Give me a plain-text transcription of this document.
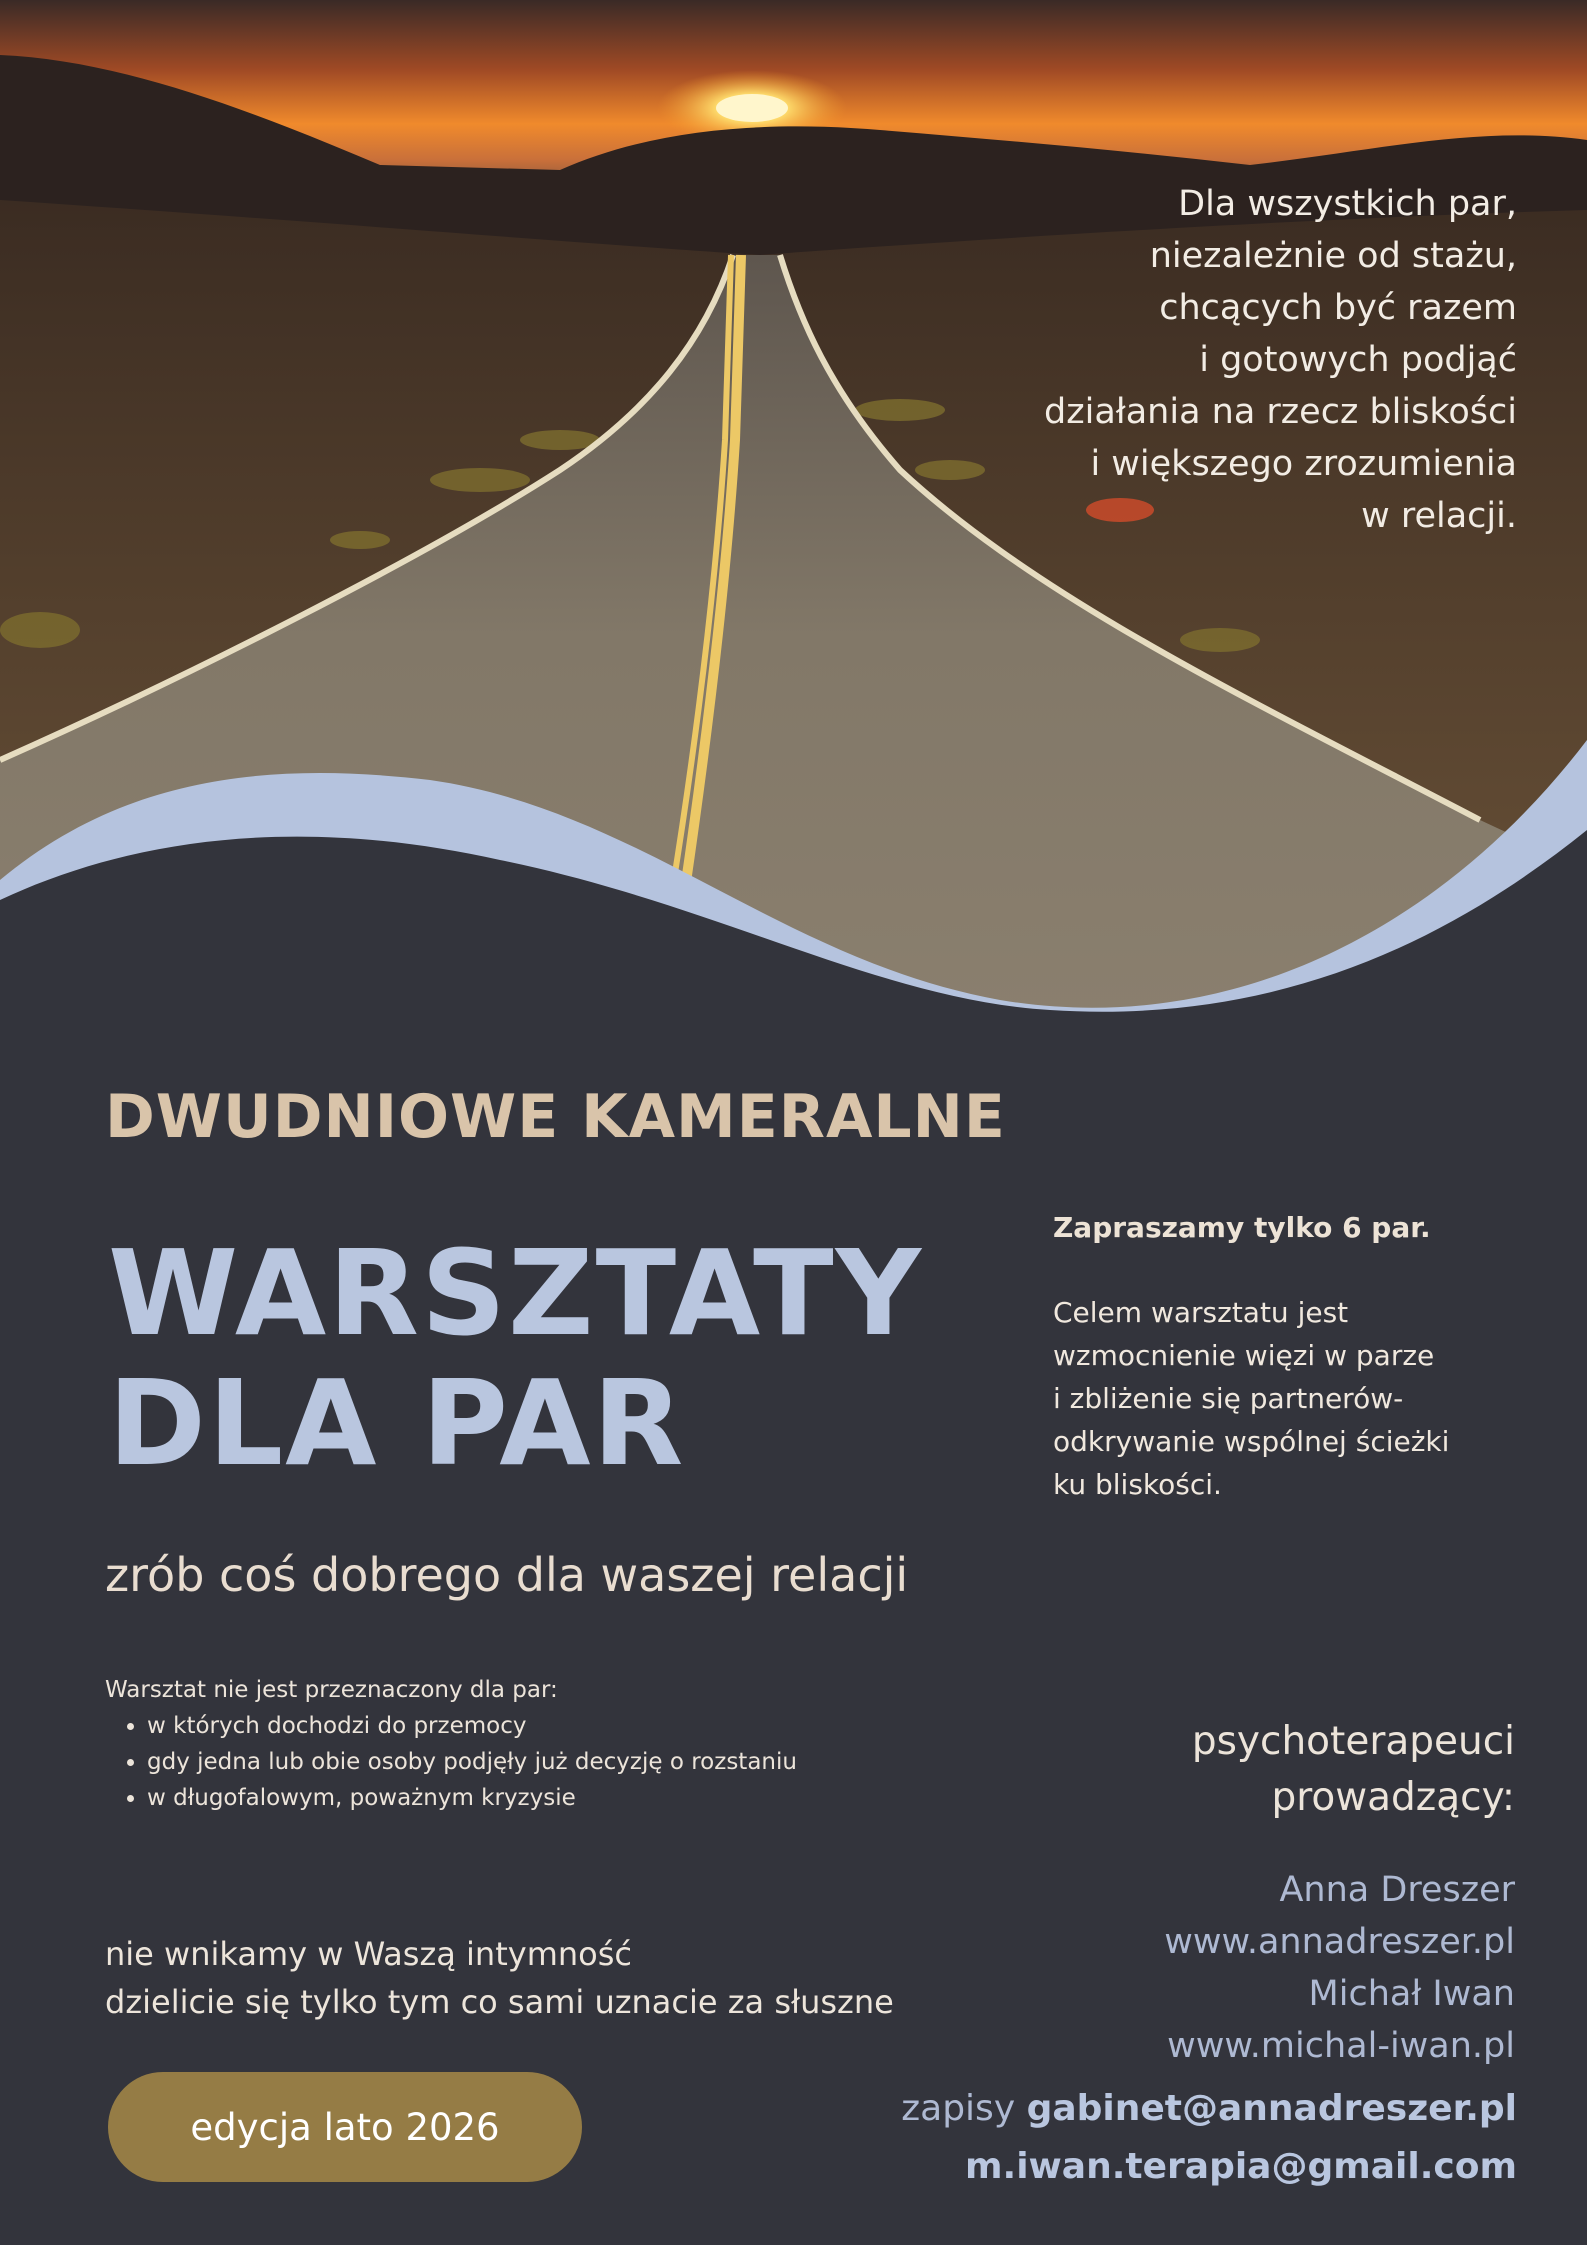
Dla wszystkich par,
niezależnie od stażu,
chcących być razem
i gotowych podjąć
działania na rzecz bliskości
i większego zrozumienia
w relacji.
DWUDNIOWE KAMERALNE
WARSZTATY
DLA PAR
Zapraszamy tylko 6 par.
Celem warsztatu jest
wzmocnienie więzi w parze
i zbliżenie się partnerów-
odkrywanie wspólnej ścieżki
ku bliskości.
zrób coś dobrego dla waszej relacji
Warsztat nie jest przeznaczony dla par:
• w których dochodzi do przemocy
• gdy jedna lub obie osoby podjęły już decyzję o rozstaniu
• w długofalowym, poważnym kryzysie
nie wnikamy w Waszą intymność
dzielicie się tylko tym co sami uznacie za słuszne
edycja lato 2026
psychoterapeuci
prowadzący:
Anna Dreszer
www.annadreszer.pl
Michał Iwan
www.michal-iwan.pl
zapisy gabinet@annadreszer.pl
m.iwan.terapia@gmail.com
